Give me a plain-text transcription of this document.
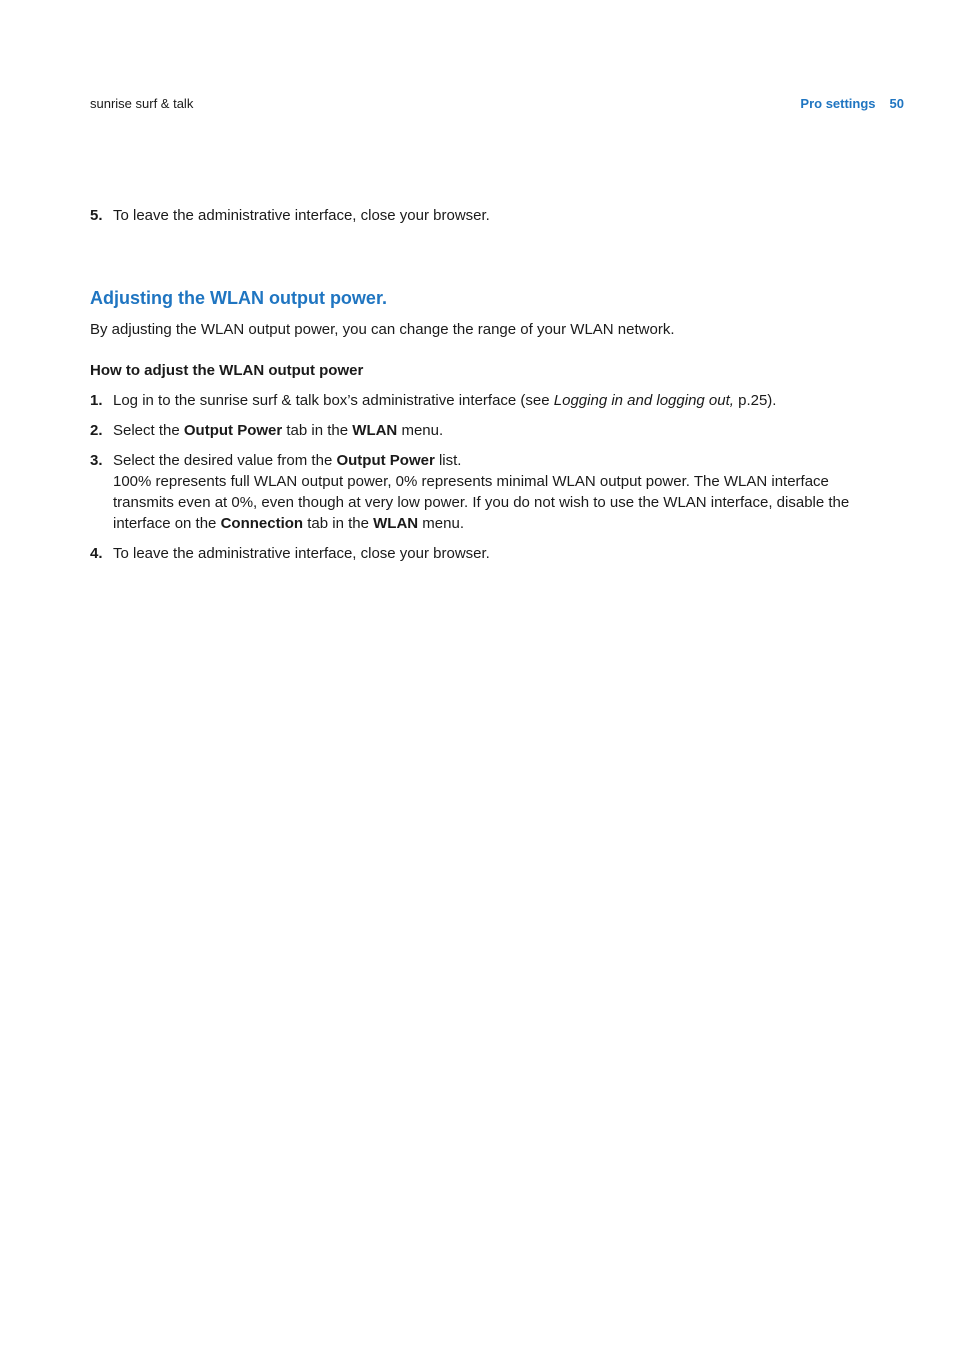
sunrise surf & talk	Pro settings 50
5. To leave the administrative interface, close your browser.
Adjusting the WLAN output power.
By adjusting the WLAN output power, you can change the range of your WLAN network.
How to adjust the WLAN output power
1. Log in to the sunrise surf & talk box’s administrative interface (see Logging in and logging out, p.25).
2. Select the Output Power tab in the WLAN menu.
3. Select the desired value from the Output Power list.
100% represents full WLAN output power, 0% represents minimal WLAN output power. The WLAN interface transmits even at 0%, even though at very low power. If you do not wish to use the WLAN interface, disable the interface on the Connection tab in the WLAN menu.
4. To leave the administrative interface, close your browser.
